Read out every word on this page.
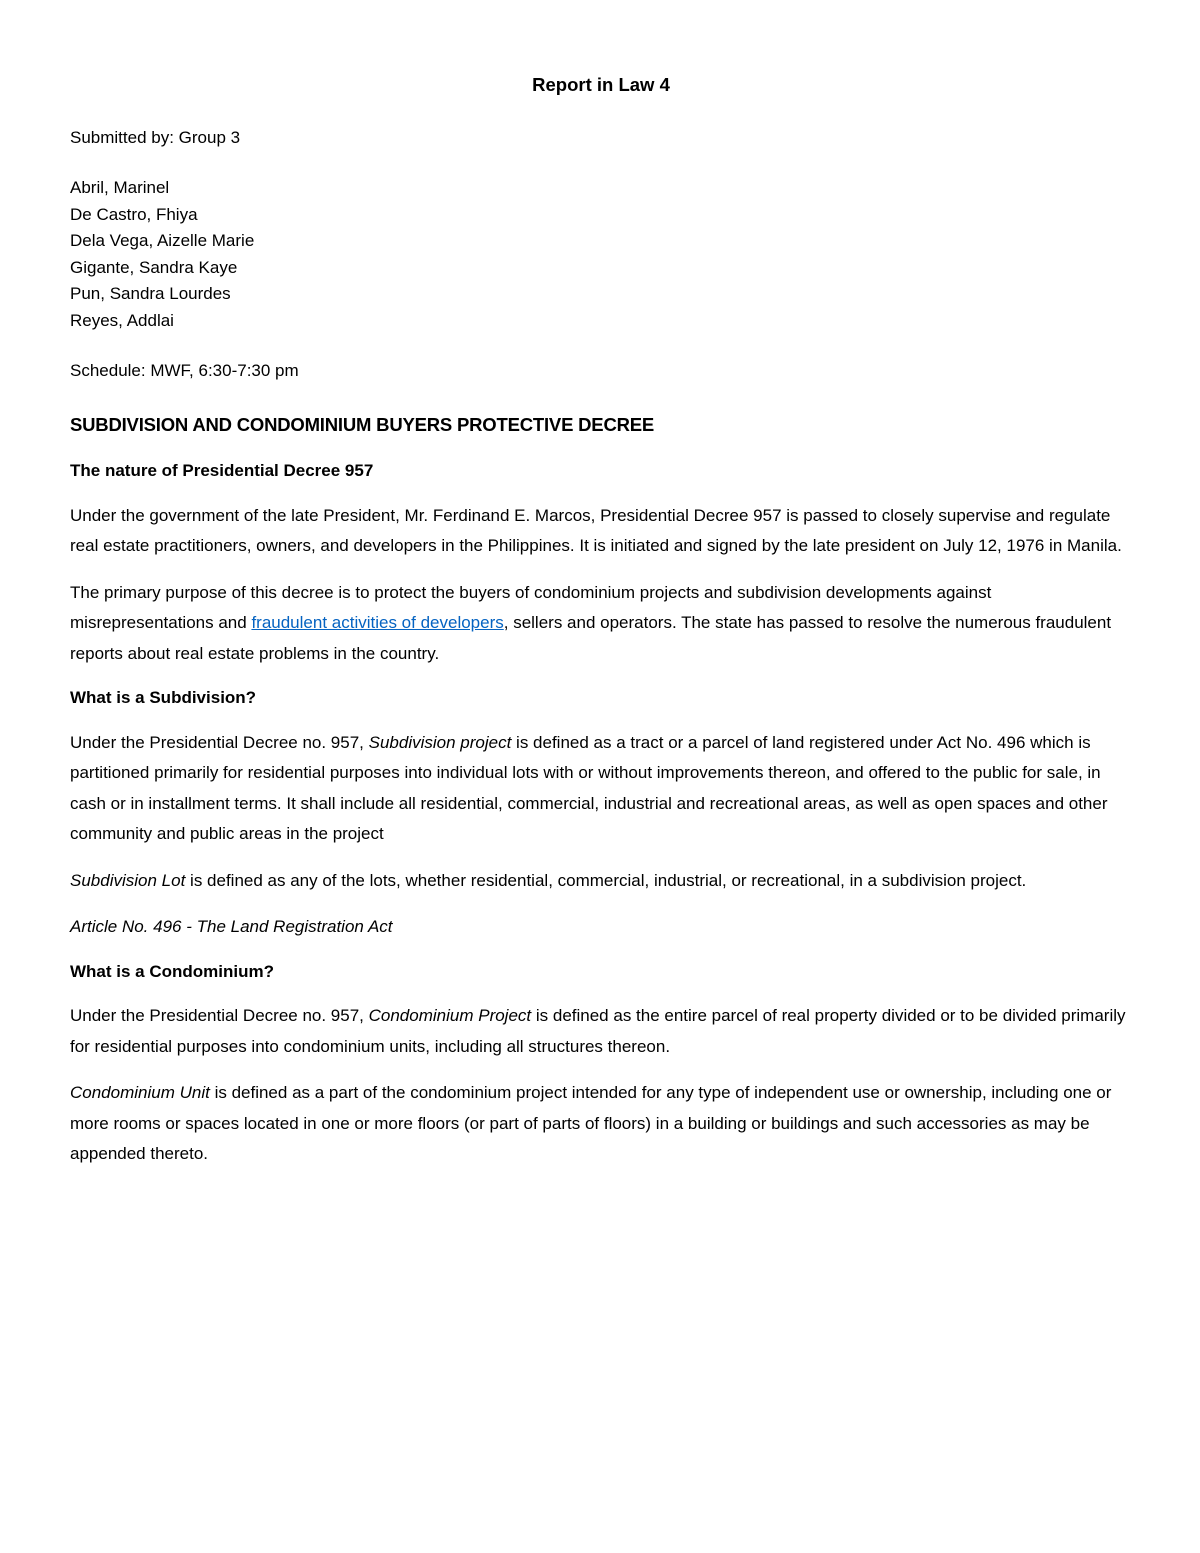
Report in Law 4
Submitted by: Group 3
Abril, Marinel
De Castro, Fhiya
Dela Vega, Aizelle Marie
Gigante, Sandra Kaye
Pun, Sandra Lourdes
Reyes, Addlai
Schedule: MWF, 6:30-7:30 pm
SUBDIVISION AND CONDOMINIUM BUYERS PROTECTIVE DECREE
The nature of Presidential Decree 957

Under the government of the late President, Mr. Ferdinand E. Marcos, Presidential Decree 957 is passed to closely supervise and regulate real estate practitioners, owners, and developers in the Philippines. It is initiated and signed by the late president on July 12, 1976 in Manila.

The primary purpose of this decree is to protect the buyers of condominium projects and subdivision developments against misrepresentations and fraudulent activities of developers, sellers and operators. The state has passed to resolve the numerous fraudulent reports about real estate problems in the country.

What is a Subdivision?

Under the Presidential Decree no. 957, Subdivision project is defined as a tract or a parcel of land registered under Act No. 496 which is partitioned primarily for residential purposes into individual lots with or without improvements thereon, and offered to the public for sale, in cash or in installment terms. It shall include all residential, commercial, industrial and recreational areas, as well as open spaces and other community and public areas in the project

Subdivision Lot is defined as any of the lots, whether residential, commercial, industrial, or recreational, in a subdivision project.

Article No. 496 - The Land Registration Act

What is a Condominium?

Under the Presidential Decree no. 957, Condominium Project is defined as the entire parcel of real property divided or to be divided primarily for residential purposes into condominium units, including all structures thereon.

Condominium Unit is defined as a part of the condominium project intended for any type of independent use or ownership, including one or more rooms or spaces located in one or more floors (or part of parts of floors) in a building or buildings and such accessories as may be appended thereto.
